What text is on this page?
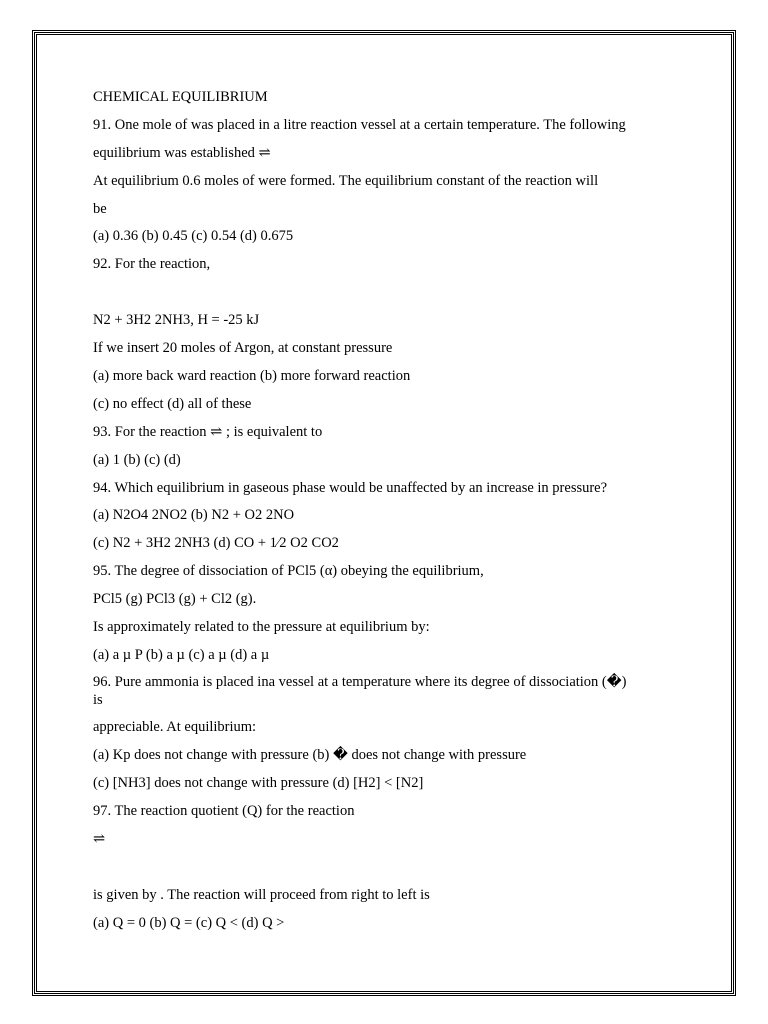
CHEMICAL EQUILIBRIUM
91. One mole of was placed in a litre reaction vessel at a certain temperature. The following
equilibrium was established ⇌
At equilibrium 0.6 moles of were formed. The equilibrium constant of the reaction will
be
(a) 0.36 (b) 0.45 (c) 0.54 (d) 0.675
92. For the reaction,
N2 + 3H2 2NH3, H = -25 kJ
If we insert 20 moles of Argon, at constant pressure
(a) more back ward reaction (b) more forward reaction
(c) no effect (d) all of these
93. For the reaction ⇌ ; is equivalent to
(a) 1 (b) (c) (d)
94. Which equilibrium in gaseous phase would be unaffected by an increase in pressure?
(a) N2O4 2NO2 (b) N2 + O2 2NO
(c) N2 + 3H2 2NH3 (d) CO + 1⁄2 O2 CO2
95. The degree of dissociation of PCl5 (α) obeying the equilibrium,
PCl5 (g) PCl3 (g) + Cl2 (g).
Is approximately related to the pressure at equilibrium by:
(a) a µ P (b) a µ (c) a µ (d) a µ
96. Pure ammonia is placed ina vessel at a temperature where its degree of dissociation (�)
is
appreciable. At equilibrium:
(a) Kp does not change with pressure (b) � does not change with pressure
(c) [NH3] does not change with pressure (d) [H2] < [N2]
97. The reaction quotient (Q) for the reaction
⇌
is given by . The reaction will proceed from right to left is
(a) Q = 0 (b) Q = (c) Q < (d) Q >
